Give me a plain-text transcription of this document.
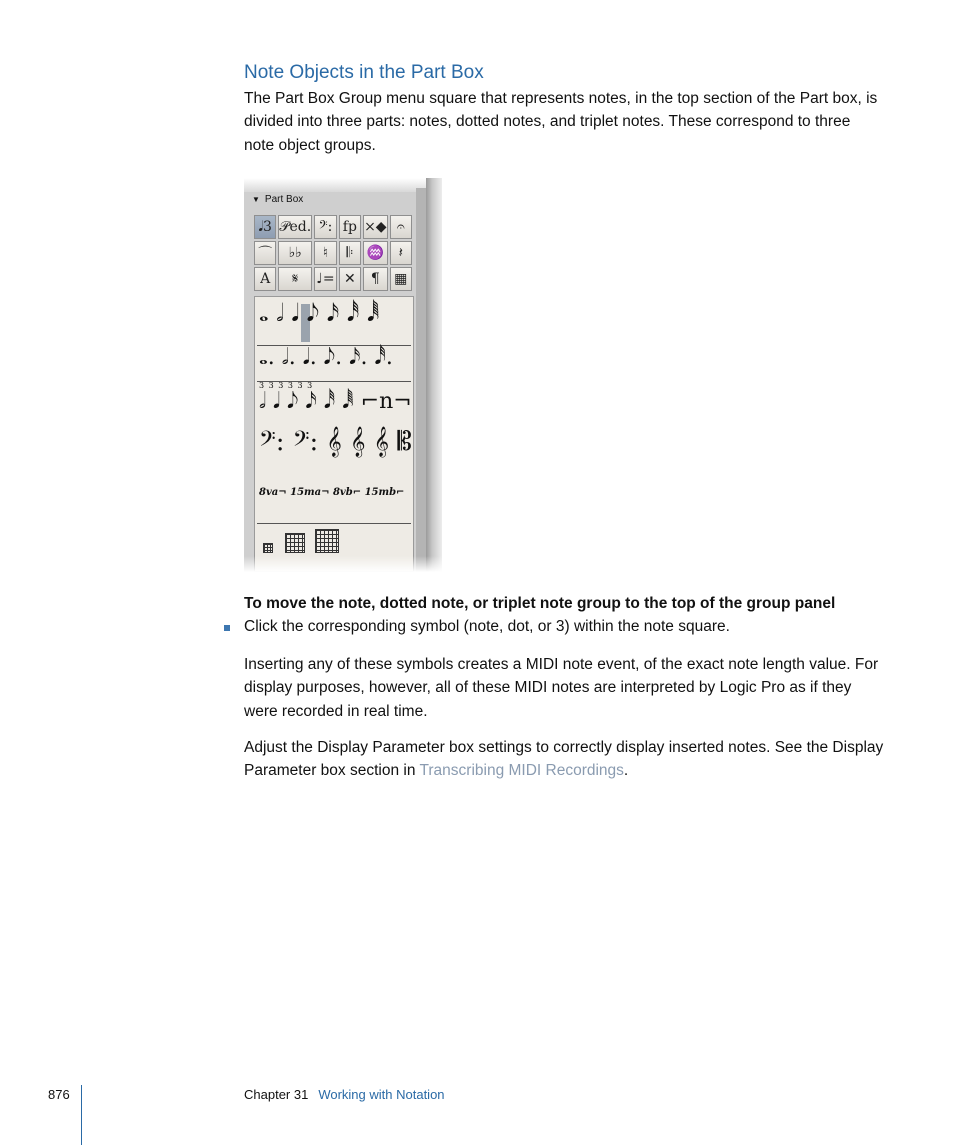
Note Objects in the Part Box

The Part Box Group menu square that represents notes, in the top section of the Part box, is divided into three parts: notes, dotted notes, and triplet notes. These correspond to three note object groups.

▼ Part Box
𝅘𝅥3 𝒫ed. 𝄢: fp ×◆ 𝄐
⌒	♭♭	♮	𝄆 ♒	𝄽
A	𝄋	♩= ✕	¶	▦
𝅝 𝅗𝅥 𝅘𝅥 𝅘𝅥𝅮 𝅘𝅥𝅯 𝅘𝅥𝅰 𝅘𝅥𝅱
𝅝. 𝅗𝅥. 𝅘𝅥. 𝅘𝅥𝅮. 𝅘𝅥𝅯. 𝅘𝅥𝅰.
3 3 3 3 3 3
𝅗𝅥 𝅘𝅥 𝅘𝅥𝅮 𝅘𝅥𝅯 𝅘𝅥𝅰 𝅘𝅥𝅱 ⌐n¬
𝄢: 𝄢: 𝄞 𝄞 𝄞 𝄡
8va¬ 15ma¬ 8vb⌐ 15mb⌐

To move the note, dotted note, or triplet note group to the top of the group panel

Click the corresponding symbol (note, dot, or 3) within the note square.

Inserting any of these symbols creates a MIDI note event, of the exact note length value. For display purposes, however, all of these MIDI notes are interpreted by Logic Pro as if they were recorded in real time.

Adjust the Display Parameter box settings to correctly display inserted notes. See the Display Parameter box section in Transcribing MIDI Recordings.

876	Chapter 31 Working with Notation
